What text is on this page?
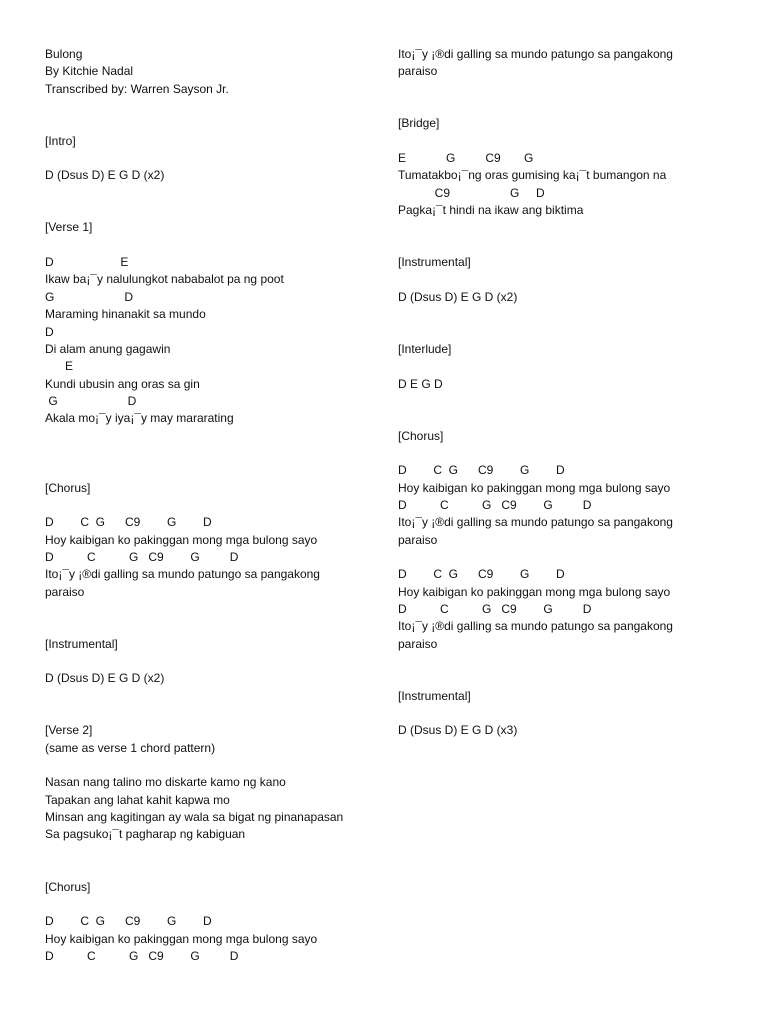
Bulong
By Kitchie Nadal
Transcribed by: Warren Sayson Jr.
[Intro]
D (Dsus D) E G D (x2)
[Verse 1]
D                    E
Ikaw ba¡¯y nalulungkot nababalot pa ng poot
G                     D
Maraming hinanakit sa mundo
D
Di alam anung gagawin
E
Kundi ubusin ang oras sa gin
G                     D
Akala mo¡¯y iya¡¯y may mararating
[Chorus]
D        C  G      C9        G        D
Hoy kaibigan ko pakinggan mong mga bulong sayo
D          C          G   C9        G         D
Ito¡¯y ¡®di galling sa mundo patungo sa pangakong
paraiso
[Instrumental]
D (Dsus D) E G D (x2)
[Verse 2]
(same as verse 1 chord pattern)
Nasan nang talino mo diskarte kamo ng kano
Tapakan ang lahat kahit kapwa mo
Minsan ang kagitingan ay wala sa bigat ng pinanapasan
Sa pagsuko¡¯t pagharap ng kabiguan
[Chorus]
D        C  G      C9        G        D
Hoy kaibigan ko pakinggan mong mga bulong sayo
D          C          G   C9        G         D
Ito¡¯y ¡®di galling sa mundo patungo sa pangakong
paraiso
[Bridge]
E            G         C9       G
Tumatakbo¡¯ng oras gumising ka¡¯t bumangon na
C9                  G     D
Pagka¡¯t hindi na ikaw ang biktima
[Instrumental]
D (Dsus D) E G D (x2)
[Interlude]
D E G D
[Chorus]
D        C  G      C9        G        D
Hoy kaibigan ko pakinggan mong mga bulong sayo
D          C          G   C9        G         D
Ito¡¯y ¡®di galling sa mundo patungo sa pangakong
paraiso
D        C  G      C9        G        D
Hoy kaibigan ko pakinggan mong mga bulong sayo
D          C          G   C9        G         D
Ito¡¯y ¡®di galling sa mundo patungo sa pangakong
paraiso
[Instrumental]
D (Dsus D) E G D (x3)
